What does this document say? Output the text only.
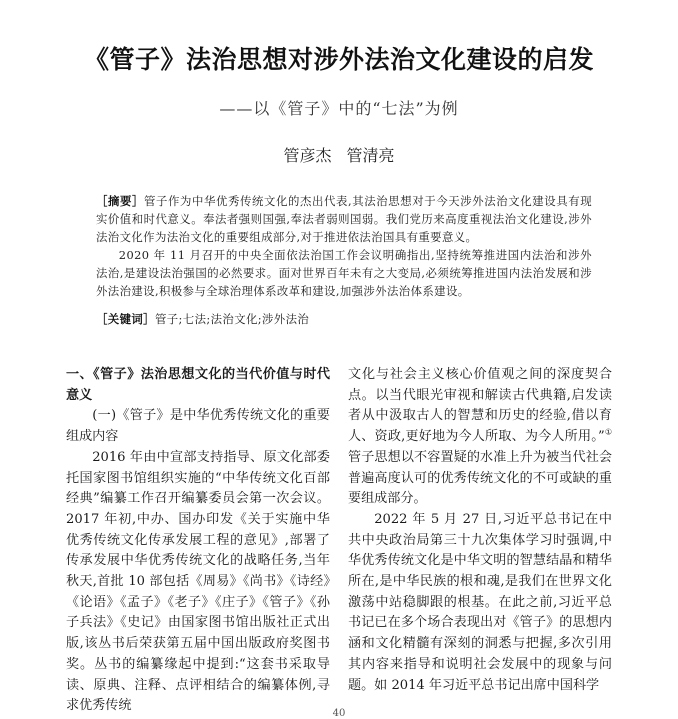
《管子》法治思想对涉外法治文化建设的启发
——以《管子》中的“七法”为例
管彦杰 管清亮

［摘要］管子作为中华优秀传统文化的杰出代表,其法治思想对于今天涉外法治文化建设具有现实价值和时代意义。奉法者强则国强,奉法者弱则国弱。我们党历来高度重视法治文化建设,涉外法治文化作为法治文化的重要组成部分,对于推进依法治国具有重要意义。

2020 年 11 月召开的中央全面依法治国工作会议明确指出,坚持统筹推进国内法治和涉外法治,是建设法治强国的必然要求。面对世界百年未有之大变局,必须统筹推进国内法治发展和涉外法治建设,积极参与全球治理体系改革和建设,加强涉外法治体系建设。

［关键词］管子;七法;法治文化;涉外法治

一、《管子》法治思想文化的当代价值与时代意义

(一)《管子》是中华优秀传统文化的重要组成内容

2016 年由中宣部支持指导、原文化部委托国家图书馆组织实施的“中华传统文化百部经典”编纂工作召开编纂委员会第一次会议。2017 年初,中办、国办印发《关于实施中华优秀传统文化传承发展工程的意见》,部署了传承发展中华优秀传统文化的战略任务,当年秋天,首批 10 部包括《周易》《尚书》《诗经》《论语》《孟子》《老子》《庄子》《管子》《孙子兵法》《史记》由国家图书馆出版社正式出版,该丛书后荣获第五届中国出版政府奖图书奖。丛书的编纂缘起中提到:“这套书采取导读、原典、注释、点评相结合的编纂体例,寻求优秀传统

文化与社会主义核心价值观之间的深度契合点。以当代眼光审视和解读古代典籍,启发读者从中汲取古人的智慧和历史的经验,借以育人、资政,更好地为今人所取、为今人所用。”①管子思想以不容置疑的水准上升为被当代社会普遍高度认可的优秀传统文化的不可或缺的重要组成部分。

2022 年 5 月 27 日,习近平总书记在中共中央政治局第三十九次集体学习时强调,中华优秀传统文化是中华文明的智慧结晶和精华所在,是中华民族的根和魂,是我们在世界文化激荡中站稳脚跟的根基。在此之前,习近平总书记已在多个场合表现出对《管子》的思想内涵和文化精髓有深刻的洞悉与把握,多次引用其内容来指导和说明社会发展中的现象与问题。如 2014 年习近平总书记出席中国科学

40
